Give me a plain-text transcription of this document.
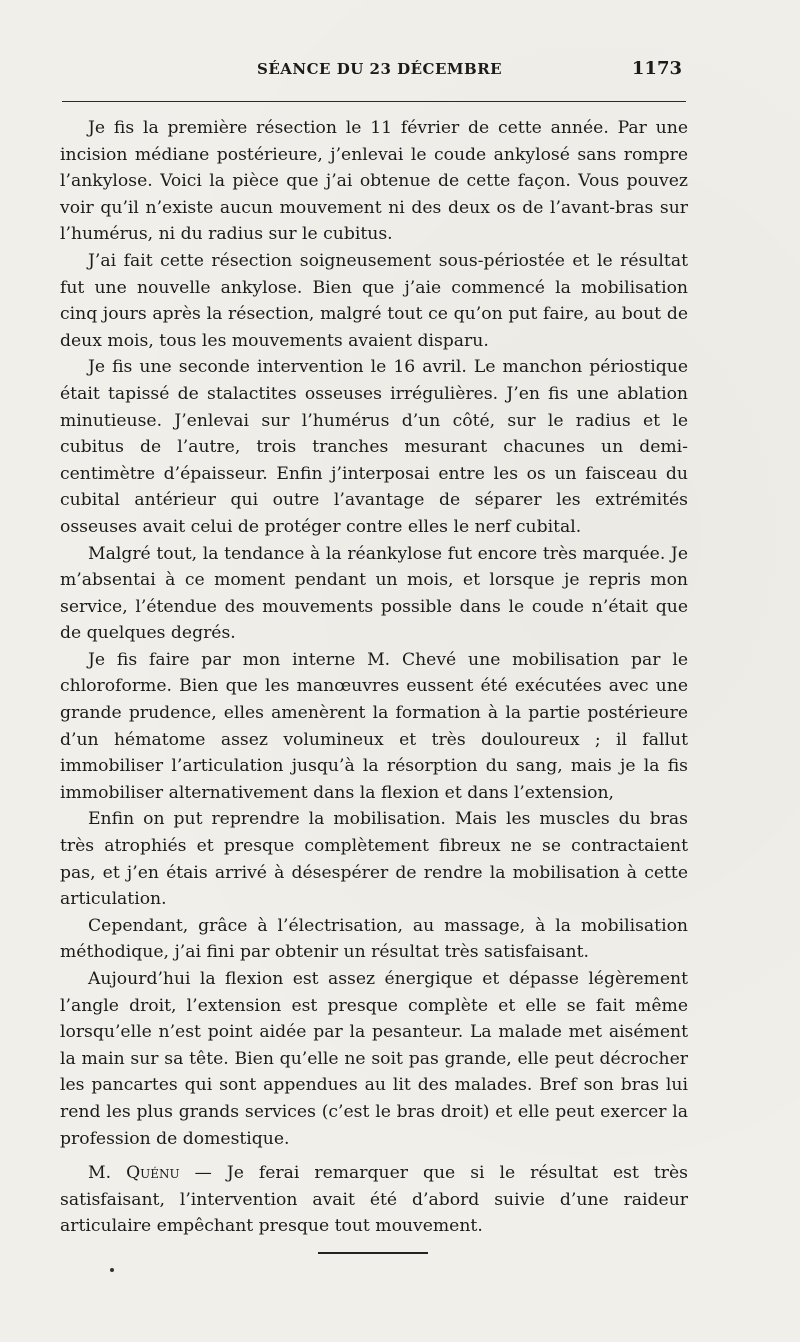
SÉANCE DU 23 DÉCEMBRE	1173

Je fis la première résection le 11 février de cette année. Par une incision médiane postérieure, j’enlevai le coude ankylosé sans rompre l’ankylose. Voici la pièce que j’ai obtenue de cette façon. Vous pouvez voir qu’il n’existe aucun mouvement ni des deux os de l’avant-bras sur l’humérus, ni du radius sur le cubitus.

J’ai fait cette résection soigneusement sous-périostée et le résultat fut une nouvelle ankylose. Bien que j’aie commencé la mobilisation cinq jours après la résection, malgré tout ce qu’on put faire, au bout de deux mois, tous les mouvements avaient disparu.

Je fis une seconde intervention le 16 avril. Le manchon périostique était tapissé de stalactites osseuses irrégulières. J’en fis une ablation minutieuse. J’enlevai sur l’humérus d’un côté, sur le radius et le cubitus de l’autre, trois tranches mesurant chacunes un demi-centimètre d’épaisseur. Enfin j’interposai entre les os un faisceau du cubital antérieur qui outre l’avantage de séparer les extrémités osseuses avait celui de protéger contre elles le nerf cubital.

Malgré tout, la tendance à la réankylose fut encore très marquée. Je m’absentai à ce moment pendant un mois, et lorsque je repris mon service, l’étendue des mouvements possible dans le coude n’était que de quelques degrés.

Je fis faire par mon interne M. Chevé une mobilisation par le chloroforme. Bien que les manœuvres eussent été exécutées avec une grande prudence, elles amenèrent la formation à la partie postérieure d’un hématome assez volumineux et très douloureux ; il fallut immobiliser l’articulation jusqu’à la résorption du sang, mais je la fis immobiliser alternativement dans la flexion et dans l’extension,

Enfin on put reprendre la mobilisation. Mais les muscles du bras très atrophiés et presque complètement fibreux ne se contractaient pas, et j’en étais arrivé à désespérer de rendre la mobilisation à cette articulation.

Cependant, grâce à l’électrisation, au massage, à la mobilisation méthodique, j’ai fini par obtenir un résultat très satisfaisant.

Aujourd’hui la flexion est assez énergique et dépasse légèrement l’angle droit, l’extension est presque complète et elle se fait même lorsqu’elle n’est point aidée par la pesanteur. La malade met aisément la main sur sa tête. Bien qu’elle ne soit pas grande, elle peut décrocher les pancartes qui sont appendues au lit des malades. Bref son bras lui rend les plus grands services (c’est le bras droit) et elle peut exercer la profession de domestique.

M. Quénu — Je ferai remarquer que si le résultat est très satisfaisant, l’intervention avait été d’abord suivie d’une raideur articulaire empêchant presque tout mouvement.
